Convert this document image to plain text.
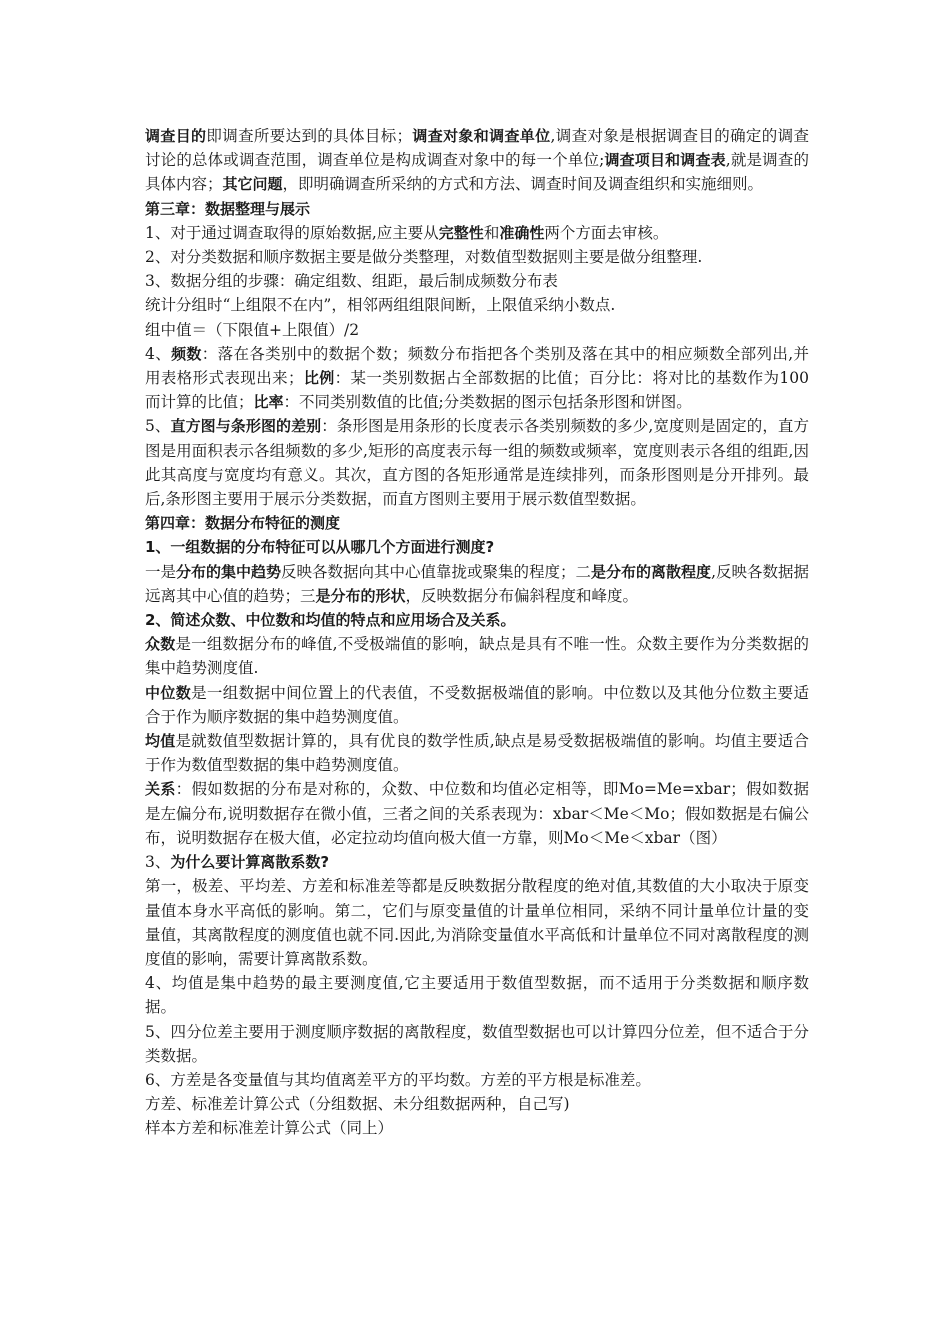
调查目的即调查所要达到的具体目标；调查对象和调查单位,调查对象是根据调查目的确定的调查讨论的总体或调查范围，调查单位是构成调查对象中的每一个单位;调查项目和调查表,就是调查的具体内容；其它问题，即明确调查所采纳的方式和方法、调查时间及调查组织和实施细则。

第三章：数据整理与展示

1、对于通过调查取得的原始数据,应主要从完整性和准确性两个方面去审核。

2、对分类数据和顺序数据主要是做分类整理，对数值型数据则主要是做分组整理.

3、数据分组的步骤：确定组数、组距，最后制成频数分布表

统计分组时“上组限不在内”，相邻两组组限间断，上限值采纳小数点.

组中值＝（下限值+上限值）/2

4、频数：落在各类别中的数据个数；频数分布指把各个类别及落在其中的相应频数全部列出,并用表格形式表现出来；比例：某一类别数据占全部数据的比值；百分比：将对比的基数作为100而计算的比值；比率：不同类别数值的比值;分类数据的图示包括条形图和饼图。

5、直方图与条形图的差别：条形图是用条形的长度表示各类别频数的多少,宽度则是固定的，直方图是用面积表示各组频数的多少,矩形的高度表示每一组的频数或频率，宽度则表示各组的组距,因此其高度与宽度均有意义。其次，直方图的各矩形通常是连续排列，而条形图则是分开排列。最后,条形图主要用于展示分类数据，而直方图则主要用于展示数值型数据。

第四章：数据分布特征的测度

1、一组数据的分布特征可以从哪几个方面进行测度?

一是分布的集中趋势反映各数据向其中心值靠拢或聚集的程度；二是分布的离散程度,反映各数据据远离其中心值的趋势；三是分布的形状，反映数据分布偏斜程度和峰度。

2、简述众数、中位数和均值的特点和应用场合及关系。

众数是一组数据分布的峰值,不受极端值的影响，缺点是具有不唯一性。众数主要作为分类数据的集中趋势测度值.

中位数是一组数据中间位置上的代表值，不受数据极端值的影响。中位数以及其他分位数主要适合于作为顺序数据的集中趋势测度值。

均值是就数值型数据计算的，具有优良的数学性质,缺点是易受数据极端值的影响。均值主要适合于作为数值型数据的集中趋势测度值。

关系：假如数据的分布是对称的，众数、中位数和均值必定相等，即Mo=Me=xbar；假如数据是左偏分布,说明数据存在微小值，三者之间的关系表现为：xbar＜Me＜Mo；假如数据是右偏公布，说明数据存在极大值，必定拉动均值向极大值一方靠，则Mo＜Me＜xbar（图）

3、为什么要计算离散系数?

第一，极差、平均差、方差和标准差等都是反映数据分散程度的绝对值,其数值的大小取决于原变量值本身水平高低的影响。第二，它们与原变量值的计量单位相同，采纳不同计量单位计量的变量值，其离散程度的测度值也就不同.因此,为消除变量值水平高低和计量单位不同对离散程度的测度值的影响，需要计算离散系数。

4、均值是集中趋势的最主要测度值,它主要适用于数值型数据，而不适用于分类数据和顺序数据。

5、四分位差主要用于测度顺序数据的离散程度，数值型数据也可以计算四分位差，但不适合于分类数据。

6、方差是各变量值与其均值离差平方的平均数。方差的平方根是标准差。

方差、标准差计算公式（分组数据、未分组数据两种，自己写)

样本方差和标准差计算公式（同上）
